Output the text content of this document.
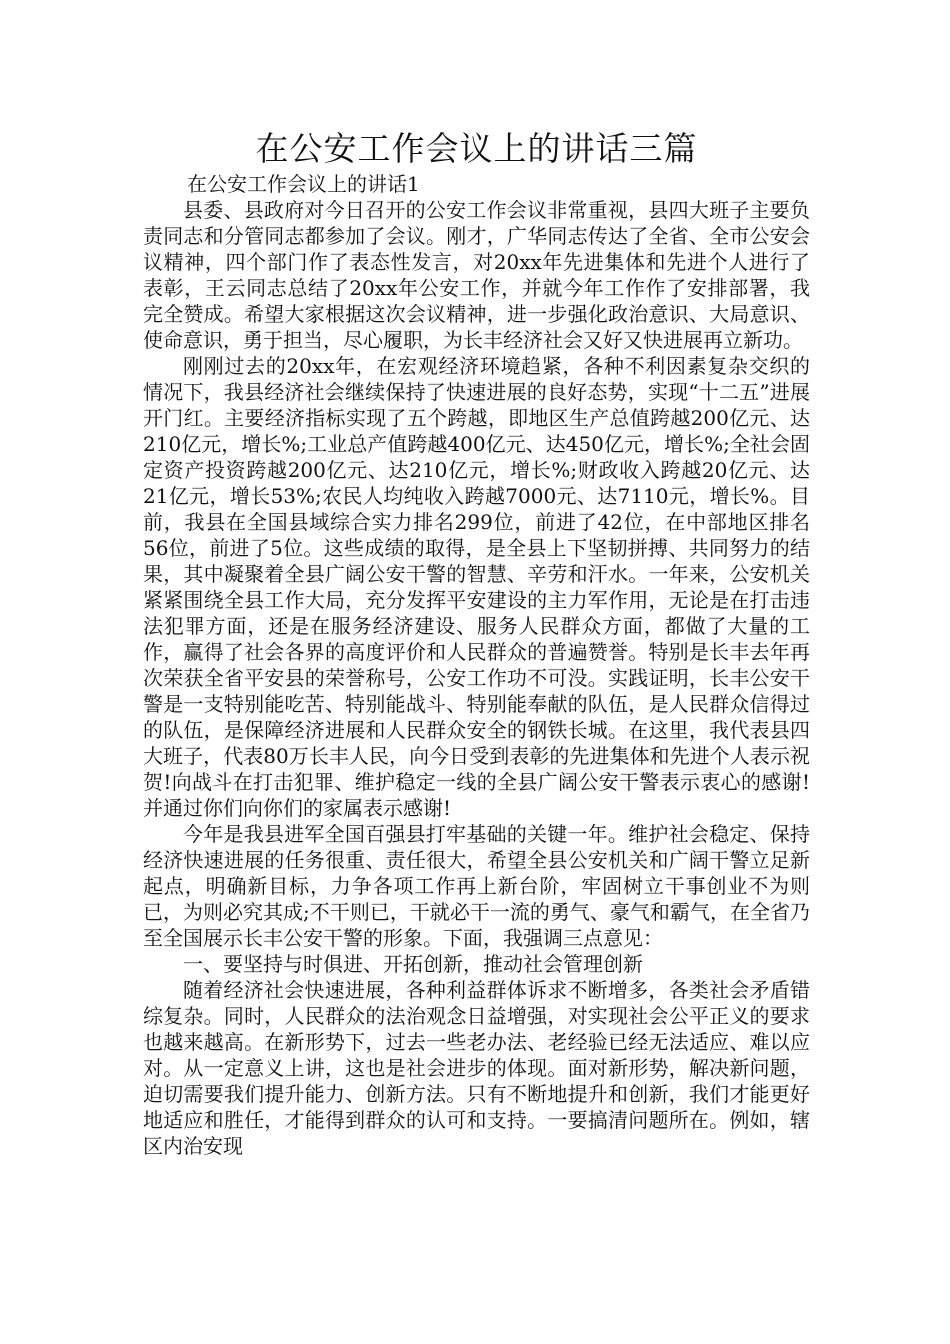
在公安工作会议上的讲话三篇

在公安工作会议上的讲话1

县委、县政府对今日召开的公安工作会议非常重视，县四大班子主要负责同志和分管同志都参加了会议。刚才，广华同志传达了全省、全市公安会议精神，四个部门作了表态性发言，对20xx年先进集体和先进个人进行了表彰，王云同志总结了20xx年公安工作，并就今年工作作了安排部署，我完全赞成。希望大家根据这次会议精神，进一步强化政治意识、大局意识、使命意识，勇于担当，尽心履职，为长丰经济社会又好又快进展再立新功。

刚刚过去的20xx年，在宏观经济环境趋紧，各种不利因素复杂交织的情况下，我县经济社会继续保持了快速进展的良好态势，实现“十二五”进展开门红。主要经济指标实现了五个跨越，即地区生产总值跨越200亿元、达210亿元，增长%;工业总产值跨越400亿元、达450亿元，增长%;全社会固定资产投资跨越200亿元、达210亿元，增长%;财政收入跨越20亿元、达21亿元，增长53%;农民人均纯收入跨越7000元、达7110元，增长%。目前，我县在全国县域综合实力排名299位，前进了42位，在中部地区排名56位，前进了5位。这些成绩的取得，是全县上下坚韧拼搏、共同努力的结果，其中凝聚着全县广阔公安干警的智慧、辛劳和汗水。一年来，公安机关紧紧围绕全县工作大局，充分发挥平安建设的主力军作用，无论是在打击违法犯罪方面，还是在服务经济建设、服务人民群众方面，都做了大量的工作，赢得了社会各界的高度评价和人民群众的普遍赞誉。特别是长丰去年再次荣获全省平安县的荣誉称号，公安工作功不可没。实践证明，长丰公安干警是一支特别能吃苦、特别能战斗、特别能奉献的队伍，是人民群众信得过的队伍，是保障经济进展和人民群众安全的钢铁长城。在这里，我代表县四大班子，代表80万长丰人民，向今日受到表彰的先进集体和先进个人表示祝贺!向战斗在打击犯罪、维护稳定一线的全县广阔公安干警表示衷心的感谢!并通过你们向你们的家属表示感谢!

今年是我县进军全国百强县打牢基础的关键一年。维护社会稳定、保持经济快速进展的任务很重、责任很大，希望全县公安机关和广阔干警立足新起点，明确新目标，力争各项工作再上新台阶，牢固树立干事创业不为则已，为则必究其成;不干则已，干就必干一流的勇气、豪气和霸气，在全省乃至全国展示长丰公安干警的形象。下面，我强调三点意见：

一、要坚持与时俱进、开拓创新，推动社会管理创新

随着经济社会快速进展，各种利益群体诉求不断增多，各类社会矛盾错综复杂。同时，人民群众的法治观念日益增强，对实现社会公平正义的要求也越来越高。在新形势下，过去一些老办法、老经验已经无法适应、难以应对。从一定意义上讲，这也是社会进步的体现。面对新形势，解决新问题，迫切需要我们提升能力、创新方法。只有不断地提升和创新，我们才能更好地适应和胜任，才能得到群众的认可和支持。一要搞清问题所在。例如，辖区内治安现
